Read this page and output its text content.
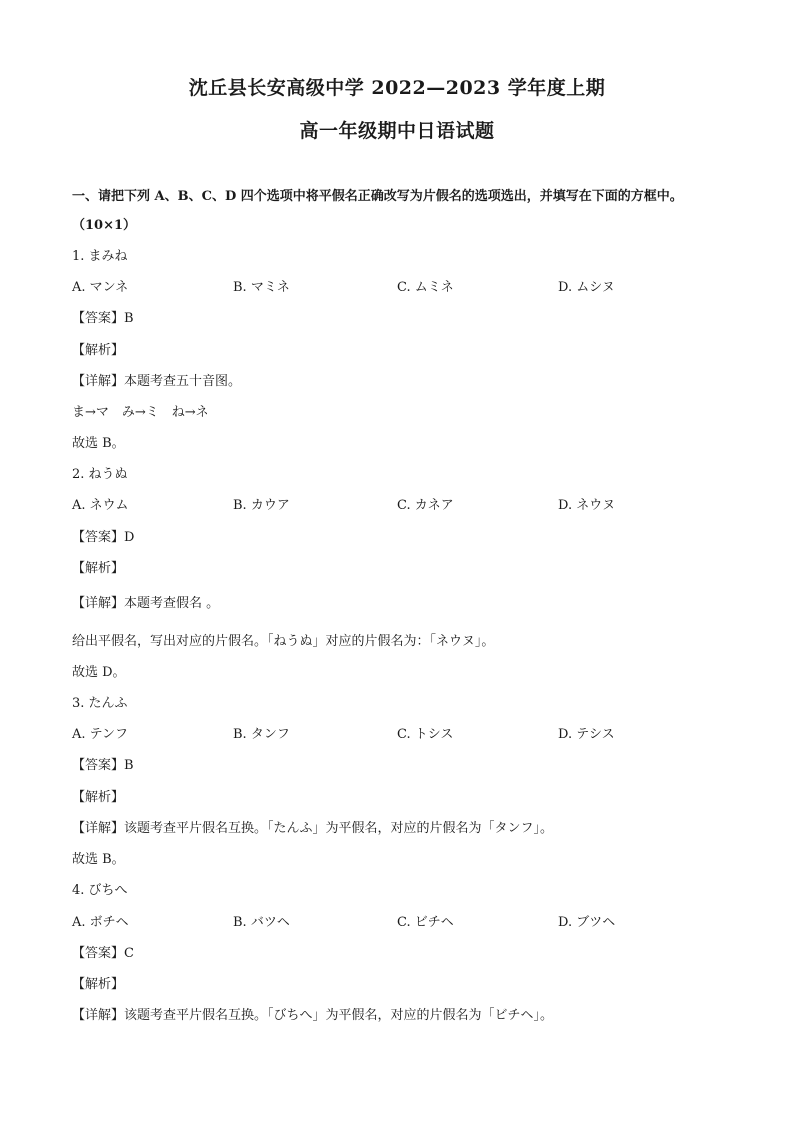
沈丘县长安高级中学 2022—2023 学年度上期
高一年级期中日语试题
一、请把下列 A、B、C、D 四个选项中将平假名正确改写为片假名的选项选出，并填写在下面的方框中。
（10×1）
1. まみね
A. マンネ	B. マミネ	C. ムミネ	D. ムシヌ
【答案】B
【解析】
【详解】本题考查五十音图。
ま→マ　み→ミ　ね→ネ
故选 B。
2. ねうぬ
A. ネウム	B. カウア	C. カネア	D. ネウヌ
【答案】D
【解析】
【详解】本题考查假名 。
给出平假名，写出对应的片假名。「ねうぬ」对应的片假名为：「ネウヌ」。
故选 D。
3. たんふ
A. テンフ	B. タンフ	C. トシス	D. テシス
【答案】B
【解析】
【详解】该题考查平片假名互换。「たんふ」为平假名，对应的片假名为「タンフ」。
故选 B。
4. びちへ
A. ボチヘ	B. バツヘ	C. ビチヘ	D. ブツヘ
【答案】C
【解析】
【详解】该题考查平片假名互换。「びちへ」为平假名，对应的片假名为「ビチヘ」。
